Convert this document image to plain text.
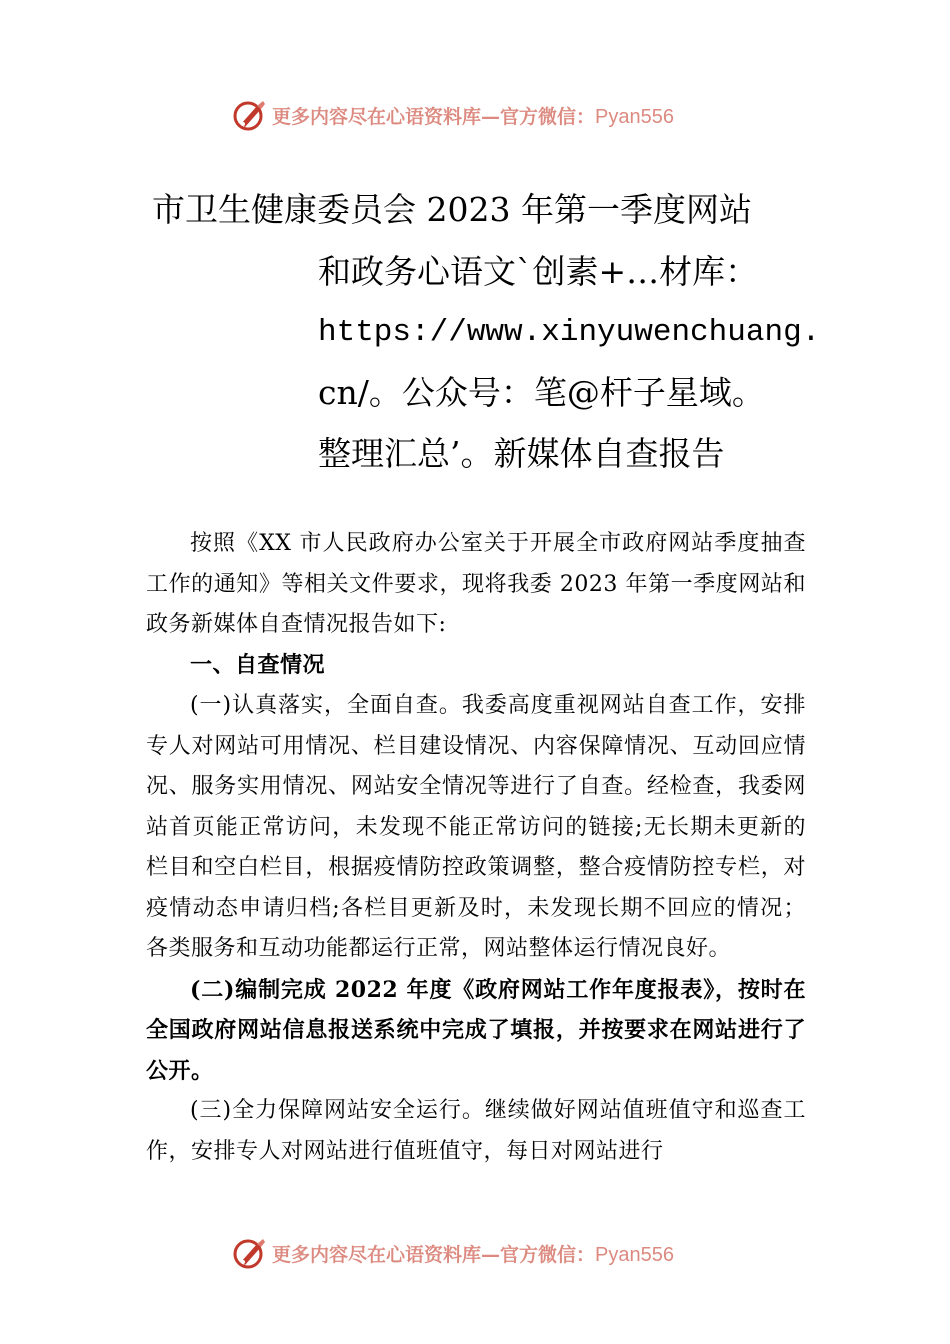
更多内容尽在心语资料库—官方微信：Pyan556
市卫生健康委员会 2023 年第一季度网站
和政务心语文`创素+…材库：
https://www.xinyuwenchuang.
cn/。公众号：笔@杆子星域。
整理汇总’。新媒体自查报告

按照《XX 市人民政府办公室关于开展全市政府网站季度抽查工作的通知》等相关文件要求，现将我委 2023 年第一季度网站和政务新媒体自查情况报告如下:

一、自查情况

(一)认真落实，全面自查。我委高度重视网站自查工作，安排专人对网站可用情况、栏目建设情况、内容保障情况、互动回应情况、服务实用情况、网站安全情况等进行了自查。经检查，我委网站首页能正常访问，未发现不能正常访问的链接;无长期未更新的栏目和空白栏目，根据疫情防控政策调整，整合疫情防控专栏，对疫情动态申请归档;各栏目更新及时，未发现长期不回应的情况；各类服务和互动功能都运行正常，网站整体运行情况良好。

(二)编制完成 2022 年度《政府网站工作年度报表》，按时在全国政府网站信息报送系统中完成了填报，并按要求在网站进行了公开。

(三)全力保障网站安全运行。继续做好网站值班值守和巡查工作，安排专人对网站进行值班值守，每日对网站进行

更多内容尽在心语资料库—官方微信：Pyan556
